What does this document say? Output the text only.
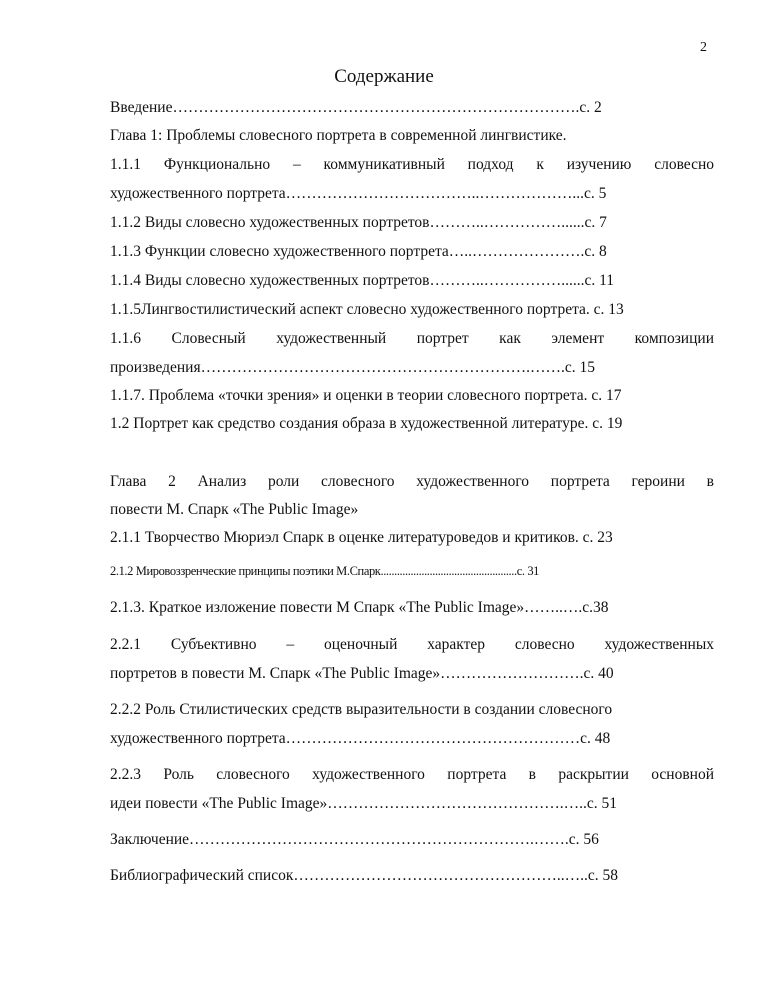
2
Содержание
Введение…………………………………………………………………….с. 2
Глава 1: Проблемы словесного портрета в современной лингвистике.
1.1.1 Функционально – коммуникативный подход к изучению словесно
художественного портрета………………………………..………………...с. 5
1.1.2 Виды словесно художественных портретов………..……………......с. 7
1.1.3 Функции словесно художественного портрета…..………………….с. 8
1.1.4 Виды словесно художественных портретов………..……………......с. 11
1.1.5Лингвостилистический аспект словесно художественного портрета. с. 13
1.1.6 Словесный художественный портрет как элемент композиции
произведения……………………………………………………….…….с. 15
1.1.7. Проблема «точки зрения» и оценки в теории словесного портрета. с. 17
1.2 Портрет как средство создания образа в художественной литературе. с. 19
Глава 2 Анализ роли словесного художественного портрета героини в
повести М. Спарк «The Public Image»
2.1.1 Творчество Мюриэл Спарк в оценке литературоведов и критиков. с. 23
2.1.2 Мировоззренческие принципы поэтики М.Спарк..................................................с. 31
2.1.3. Краткое изложение повести М Спарк «The Public Image»……..….с.38
2.2.1 Субъективно – оценочный характер словесно художественных
портретов в повести М. Спарк «The Public Image»……………………….с. 40
2.2.2 Роль Стилистических средств выразительности в создании словесного
художественного портрета…………………………………………………с. 48
2.2.3 Роль словесного художественного портрета в раскрытии основной
идеи повести «The Public Image»……………………………………….…..с. 51
Заключение………………………………………………………….…….с. 56
Библиографический список……………………………………………..…..с. 58
